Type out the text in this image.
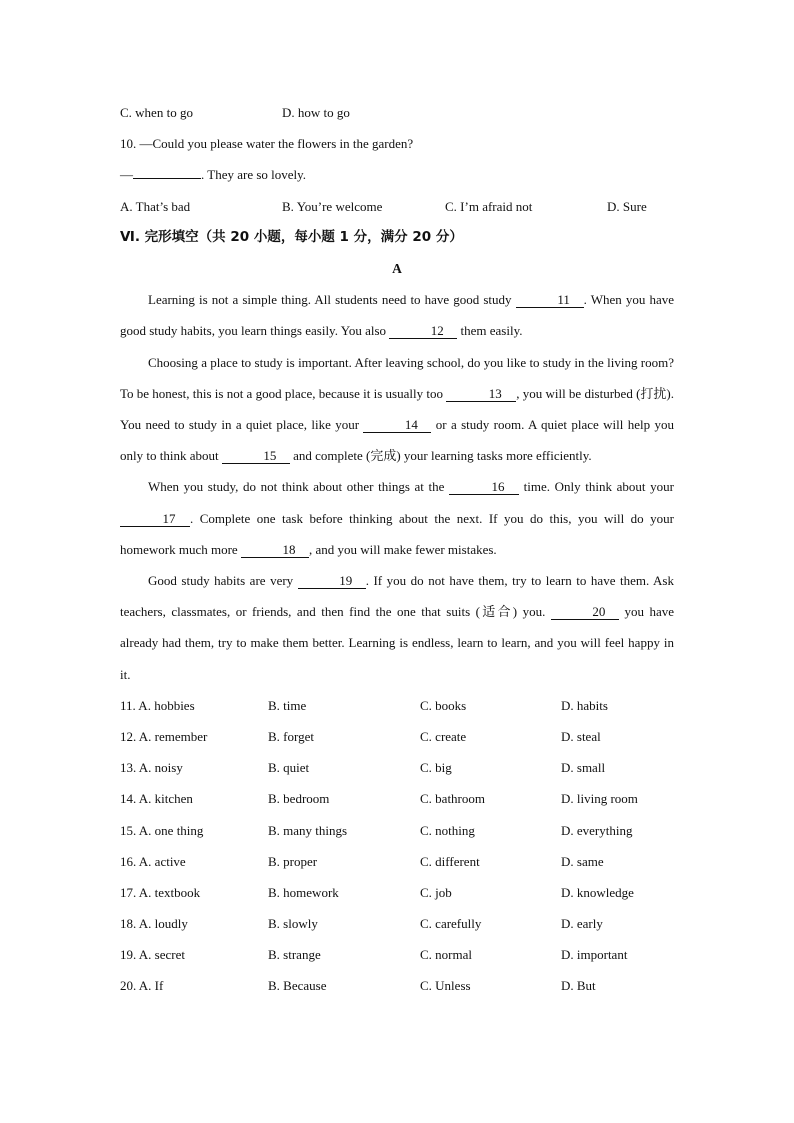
C. when to go	D. how to go
10. —Could you please water the flowers in the garden?
—	. They are so lovely.
A. That’s bad	B. You’re welcome	C. I’m afraid not	D. Sure
Ⅵ. 完形填空（共 20 小题，每小题 1 分，满分 20 分）
A

Learning is not a simple thing. All students need to have good study	11 . When you have good study habits, you learn things easily. You also	12 them easily.

Choosing a place to study is important. After leaving school, do you like to study in the living room? To be honest, this is not a good place, because it is usually too	13 , you will be disturbed (打扰). You need to study in a quiet place, like your	14 or a study room. A quiet place will help you only to think about	15 and complete (完成) your learning tasks more efficiently.

When you study, do not think about other things at the	16 time. Only think about your 17 . Complete one task before thinking about the next. If you do this, you will do your homework much more	18 , and you will make fewer mistakes.

Good study habits are very	19 . If you do not have them, try to learn to have them. Ask teachers, classmates, or friends, and then find the one that suits (适合) you.	20 you have already had them, try to make them better. Learning is endless, learn to learn, and you will feel happy in it.

11. A. hobbies	B. time	C. books	D. habits
12. A. remember	B. forget	C. create	D. steal
13. A. noisy	B. quiet	C. big	D. small
14. A. kitchen	B. bedroom	C. bathroom	D. living room
15. A. one thing	B. many things	C. nothing	D. everything
16. A. active	B. proper	C. different	D. same
17. A. textbook	B. homework	C. job	D. knowledge
18. A. loudly	B. slowly	C. carefully	D. early
19. A. secret	B. strange	C. normal	D. important
20. A. If	B. Because	C. Unless	D. But
